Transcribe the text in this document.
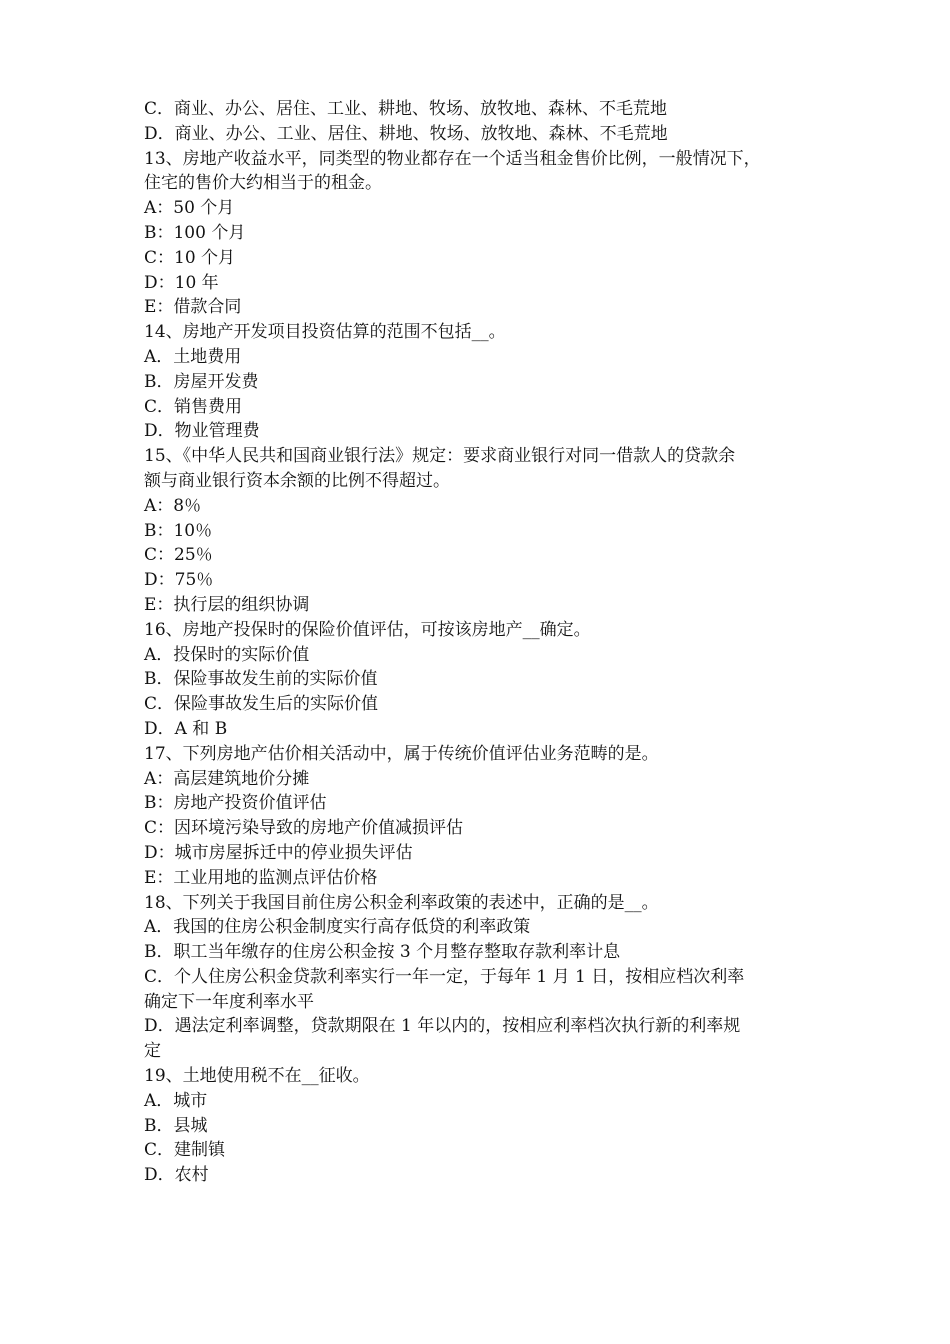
C．商业、办公、居住、工业、耕地、牧场、放牧地、森林、不毛荒地

D．商业、办公、工业、居住、耕地、牧场、放牧地、森林、不毛荒地

13、房地产收益水平，同类型的物业都存在一个适当租金售价比例，一般情况下，

住宅的售价大约相当于的租金。

A：50 个月

B：100 个月

C：10 个月

D：10 年

E：借款合同

14、房地产开发项目投资估算的范围不包括__。

A．土地费用

B．房屋开发费

C．销售费用

D．物业管理费

15、《中华人民共和国商业银行法》规定：要求商业银行对同一借款人的贷款余

额与商业银行资本余额的比例不得超过。

A：8％

B：10％

C：25％

D：75％

E：执行层的组织协调

16、房地产投保时的保险价值评估，可按该房地产__确定。

A．投保时的实际价值

B．保险事故发生前的实际价值

C．保险事故发生后的实际价值

D．A 和 B

17、下列房地产估价相关活动中，属于传统价值评估业务范畴的是。

A：高层建筑地价分摊

B：房地产投资价值评估

C：因环境污染导致的房地产价值减损评估

D：城市房屋拆迁中的停业损失评估

E：工业用地的监测点评估价格

18、下列关于我国目前住房公积金利率政策的表述中，正确的是__。

A．我国的住房公积金制度实行高存低贷的利率政策

B．职工当年缴存的住房公积金按 3 个月整存整取存款利率计息

C．个人住房公积金贷款利率实行一年一定，于每年 1 月 1 日，按相应档次利率

确定下一年度利率水平

D．遇法定利率调整，贷款期限在 1 年以内的，按相应利率档次执行新的利率规

定

19、土地使用税不在__征收。

A．城市

B．县城

C．建制镇

D．农村
